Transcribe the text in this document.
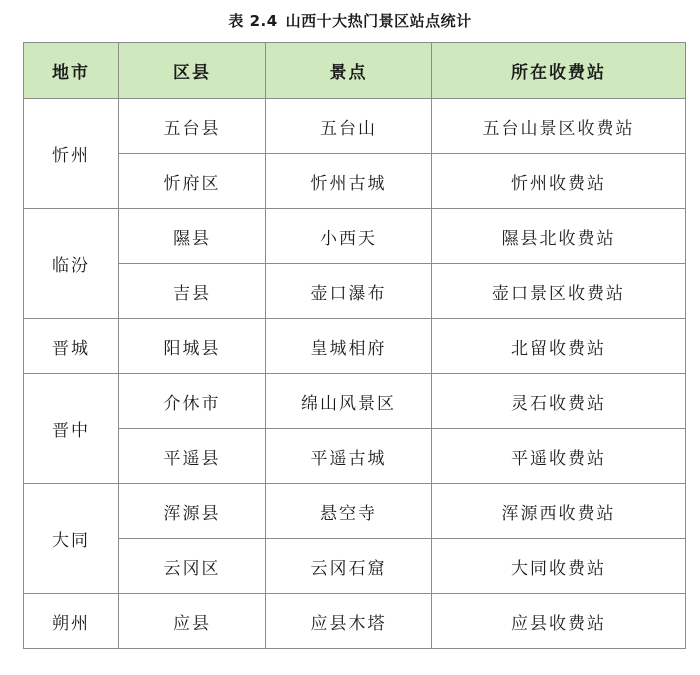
表 2.4 山西十大热门景区站点统计
地市	区县	景点	所在收费站
忻州	五台县	五台山	五台山景区收费站
	忻府区	忻州古城	忻州收费站
临汾	隰县	小西天	隰县北收费站
	吉县	壶口瀑布	壶口景区收费站
晋城	阳城县	皇城相府	北留收费站
晋中	介休市	绵山风景区	灵石收费站
	平遥县	平遥古城	平遥收费站
大同	浑源县	悬空寺	浑源西收费站
	云冈区	云冈石窟	大同收费站
朔州	应县	应县木塔	应县收费站
